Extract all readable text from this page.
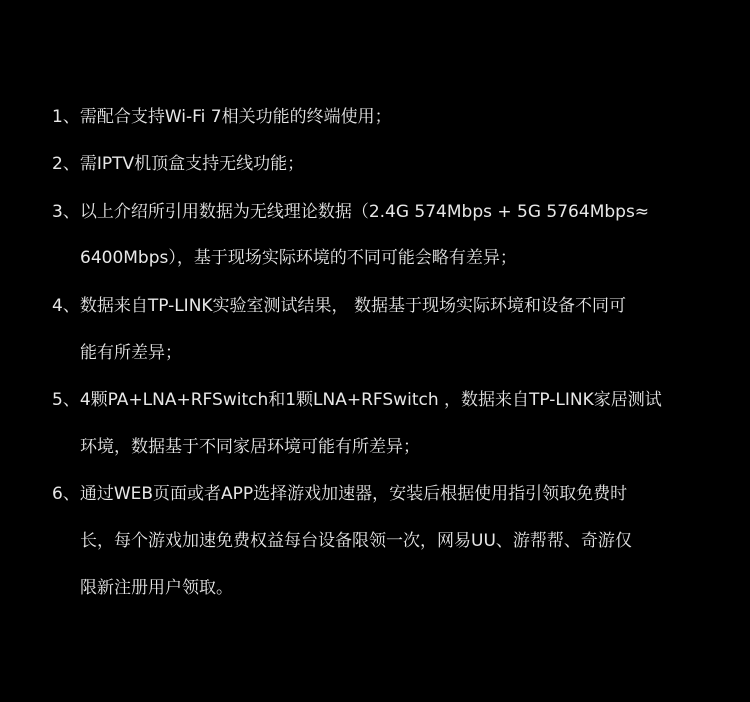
1、需配合支持Wi-Fi 7相关功能的终端使用；
2、需IPTV机顶盒支持无线功能；
3、以上介绍所引用数据为无线理论数据（2.4G 574Mbps + 5G 5764Mbps≈
6400Mbps），基于现场实际环境的不同可能会略有差异；
4、数据来自TP-LINK实验室测试结果， 数据基于现场实际环境和设备不同可
能有所差异；
5、4颗PA+LNA+RFSwitch和1颗LNA+RFSwitch ，数据来自TP-LINK家居测试
环境，数据基于不同家居环境可能有所差异；
6、通过WEB页面或者APP选择游戏加速器，安装后根据使用指引领取免费时
长，每个游戏加速免费权益每台设备限领一次，网易UU、游帮帮、奇游仅
限新注册用户领取。
